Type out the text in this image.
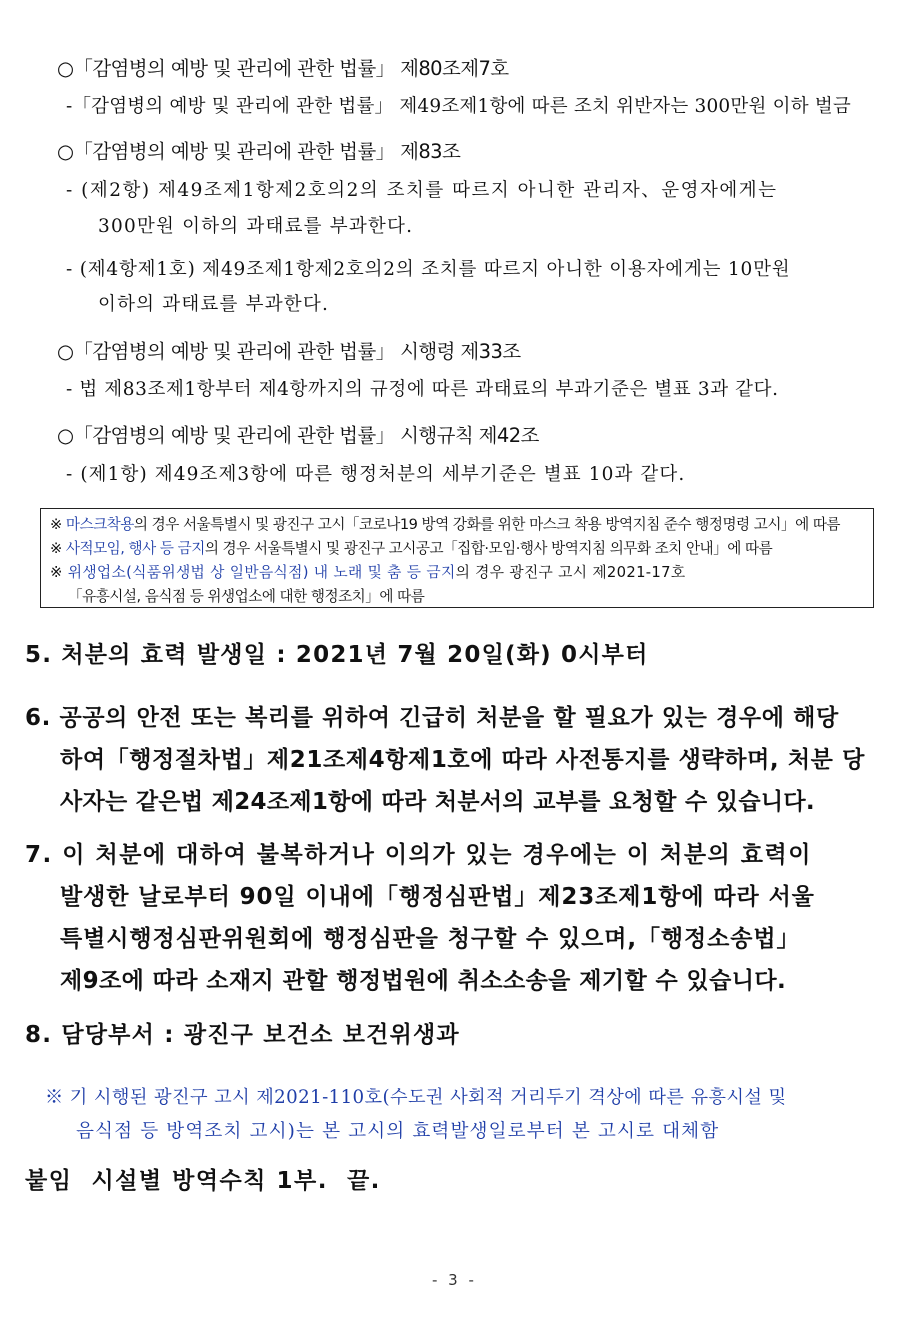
○「감염병의 예방 및 관리에 관한 법률」 제80조제7호
-「감염병의 예방 및 관리에 관한 법률」 제49조제1항에 따른 조치 위반자는 300만원 이하 벌금
○「감염병의 예방 및 관리에 관한 법률」 제83조
- (제2항) 제49조제1항제2호의2의 조치를 따르지 아니한 관리자、운영자에게는
300만원 이하의 과태료를 부과한다.
- (제4항제1호) 제49조제1항제2호의2의 조치를 따르지 아니한 이용자에게는 10만원
이하의 과태료를 부과한다.
○「감염병의 예방 및 관리에 관한 법률」 시행령 제33조
- 법 제83조제1항부터 제4항까지의 규정에 따른 과태료의 부과기준은 별표 3과 같다.
○「감염병의 예방 및 관리에 관한 법률」 시행규칙 제42조
- (제1항) 제49조제3항에 따른 행정처분의 세부기준은 별표 10과 같다.
※ 마스크착용의 경우 서울특별시 및 광진구 고시「코로나19 방역 강화를 위한 마스크 착용 방역지침 준수 행정명령 고시」에 따름
※ 사적모임, 행사 등 금지의 경우 서울특별시 및 광진구 고시공고「집합·모임·행사 방역지침 의무화 조치 안내」에 따름
※ 위생업소(식품위생법 상 일반음식점) 내 노래 및 춤 등 금지의 경우 광진구 고시 제2021-17호
「유흥시설, 음식점 등 위생업소에 대한 행정조치」에 따름
5. 처분의 효력 발생일 : 2021년 7월 20일(화) 0시부터
6. 공공의 안전 또는 복리를 위하여 긴급히 처분을 할 필요가 있는 경우에 해당
하여「행정절차법」제21조제4항제1호에 따라 사전통지를 생략하며, 처분 당
사자는 같은법 제24조제1항에 따라 처분서의 교부를 요청할 수 있습니다.
7. 이 처분에 대하여 불복하거나 이의가 있는 경우에는 이 처분의 효력이
발생한 날로부터 90일 이내에「행정심판법」제23조제1항에 따라 서울
특별시행정심판위원회에 행정심판을 청구할 수 있으며,「행정소송법」
제9조에 따라 소재지 관할 행정법원에 취소소송을 제기할 수 있습니다.
8. 담당부서 : 광진구 보건소 보건위생과
※ 기 시행된 광진구 고시 제2021-110호(수도권 사회적 거리두기 격상에 따른 유흥시설 및
음식점 등 방역조치 고시)는 본 고시의 효력발생일로부터 본 고시로 대체함
붙임  시설별 방역수칙 1부.  끝.
- 3 -
